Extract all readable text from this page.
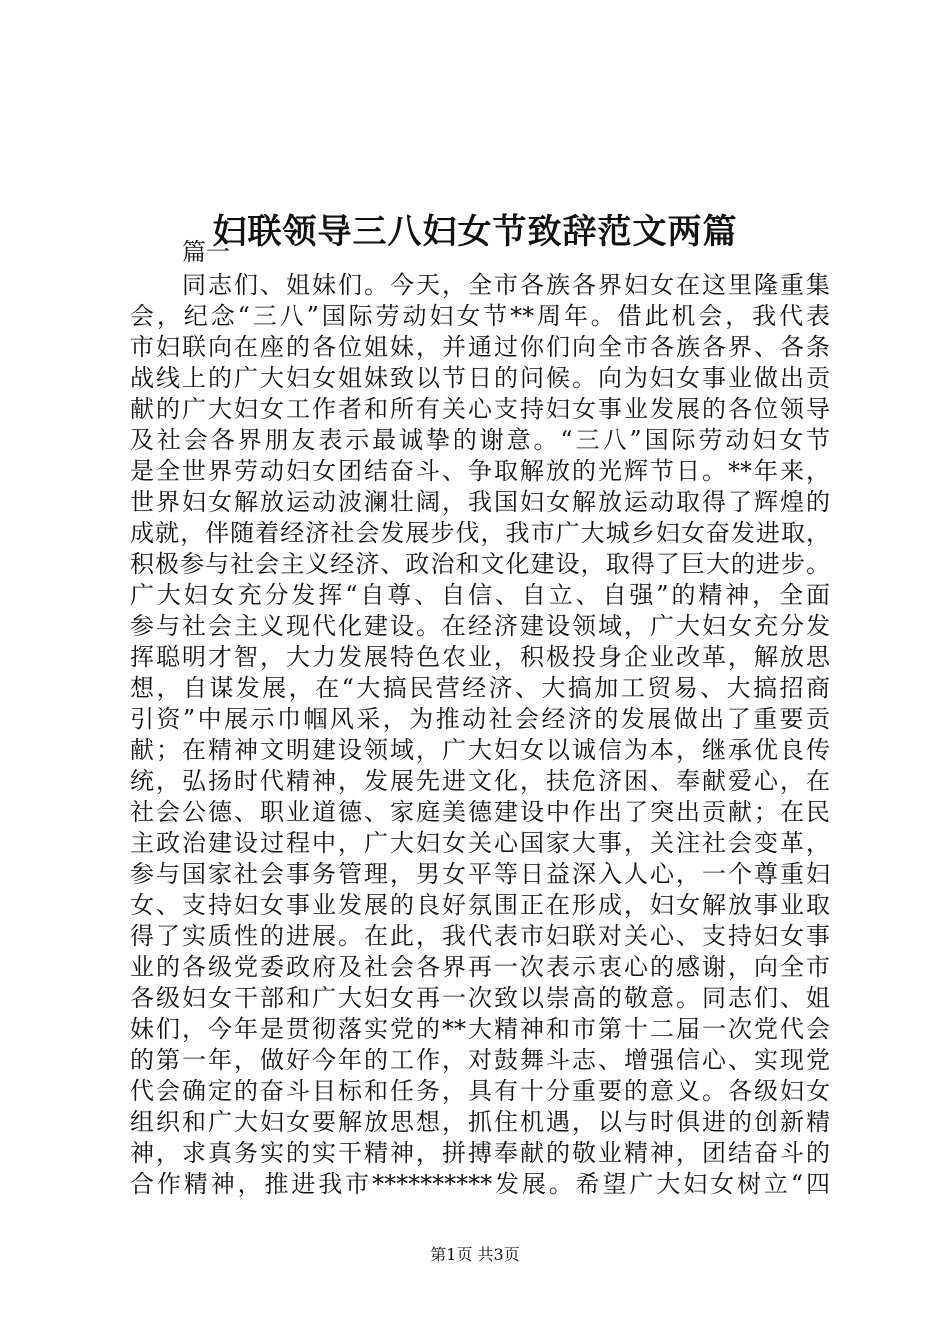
妇联领导三八妇女节致辞范文两篇
篇一
同志们、姐妹们。今天，全市各族各界妇女在这里隆重集
会，纪念“三八”国际劳动妇女节**周年。借此机会，我代表
市妇联向在座的各位姐妹，并通过你们向全市各族各界、各条
战线上的广大妇女姐妹致以节日的问候。向为妇女事业做出贡
献的广大妇女工作者和所有关心支持妇女事业发展的各位领导
及社会各界朋友表示最诚挚的谢意。“三八”国际劳动妇女节
是全世界劳动妇女团结奋斗、争取解放的光辉节日。**年来，
世界妇女解放运动波澜壮阔，我国妇女解放运动取得了辉煌的
成就，伴随着经济社会发展步伐，我市广大城乡妇女奋发进取，
积极参与社会主义经济、政治和文化建设，取得了巨大的进步。
广大妇女充分发挥“自尊、自信、自立、自强”的精神，全面
参与社会主义现代化建设。在经济建设领域，广大妇女充分发
挥聪明才智，大力发展特色农业，积极投身企业改革，解放思
想，自谋发展，在“大搞民营经济、大搞加工贸易、大搞招商
引资”中展示巾帼风采，为推动社会经济的发展做出了重要贡
献；在精神文明建设领域，广大妇女以诚信为本，继承优良传
统，弘扬时代精神，发展先进文化，扶危济困、奉献爱心，在
社会公德、职业道德、家庭美德建设中作出了突出贡献；在民
主政治建设过程中，广大妇女关心国家大事，关注社会变革，
参与国家社会事务管理，男女平等日益深入人心，一个尊重妇
女、支持妇女事业发展的良好氛围正在形成，妇女解放事业取
得了实质性的进展。在此，我代表市妇联对关心、支持妇女事
业的各级党委政府及社会各界再一次表示衷心的感谢，向全市
各级妇女干部和广大妇女再一次致以崇高的敬意。同志们、姐
妹们，今年是贯彻落实党的**大精神和市第十二届一次党代会
的第一年，做好今年的工作，对鼓舞斗志、增强信心、实现党
代会确定的奋斗目标和任务，具有十分重要的意义。各级妇女
组织和广大妇女要解放思想，抓住机遇，以与时俱进的创新精
神，求真务实的实干精神，拼搏奉献的敬业精神，团结奋斗的
合作精神，推进我市**********发展。希望广大妇女树立“四
第1页 共3页
